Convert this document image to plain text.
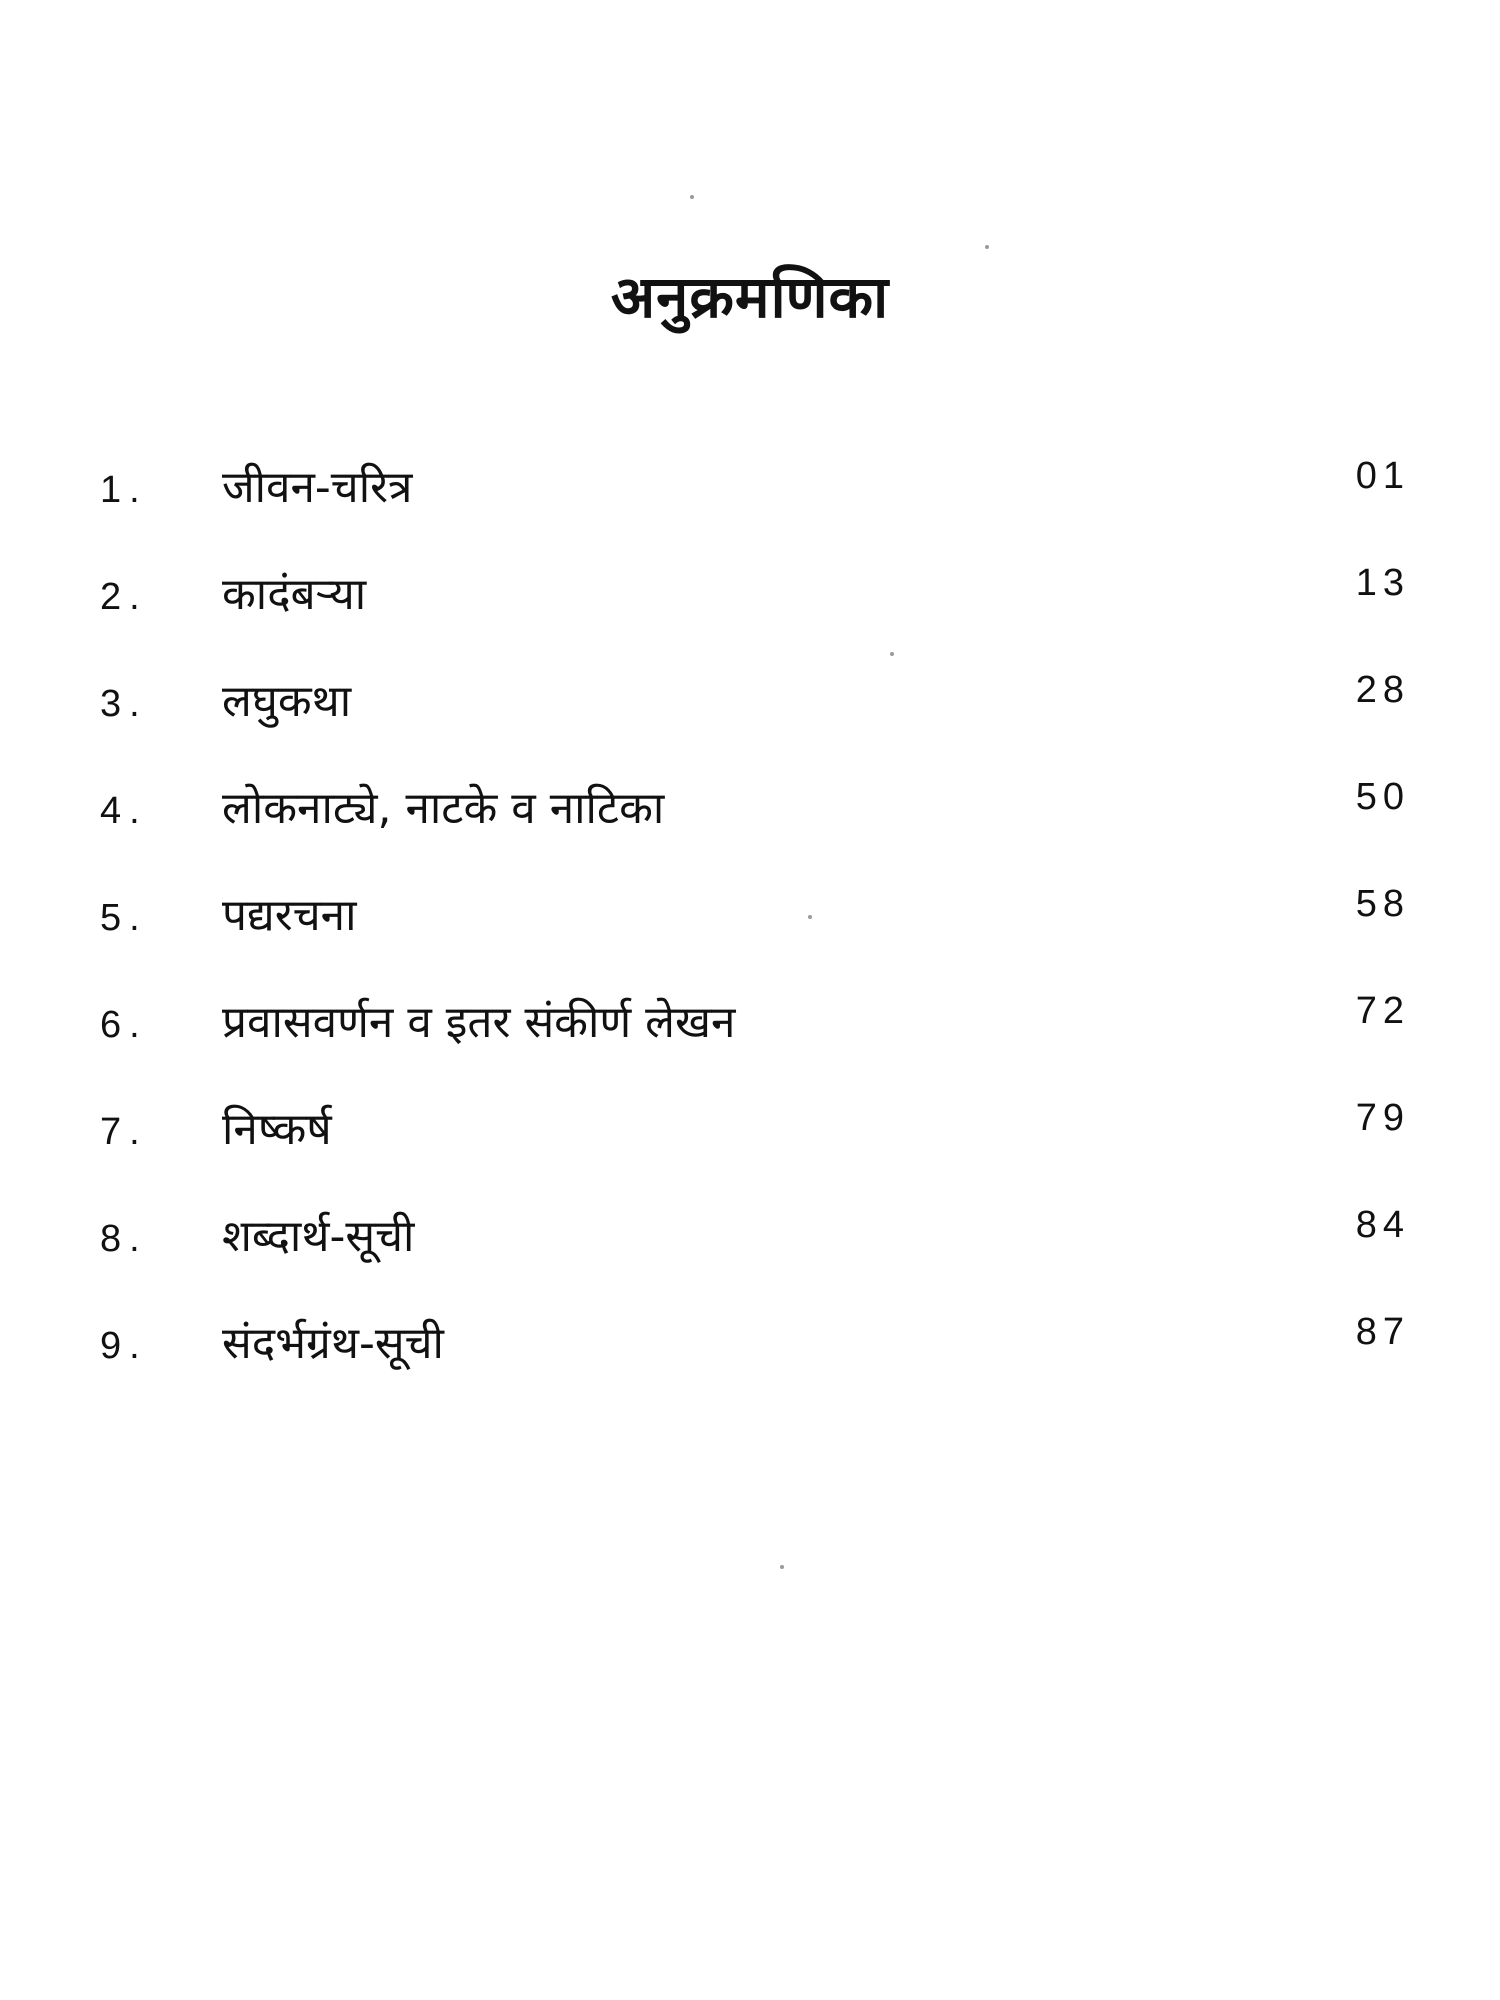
अनुक्रमणिका
1. जीवन-चरित्र	01
2. कादंबऱ्या	13
3. लघुकथा	28
4. लोकनाट्ये, नाटके व नाटिका	50
5. पद्यरचना	58
6. प्रवासवर्णन व इतर संकीर्ण लेखन	72
7. निष्कर्ष	79
8. शब्दार्थ-सूची	84
9. संदर्भग्रंथ-सूची	87
